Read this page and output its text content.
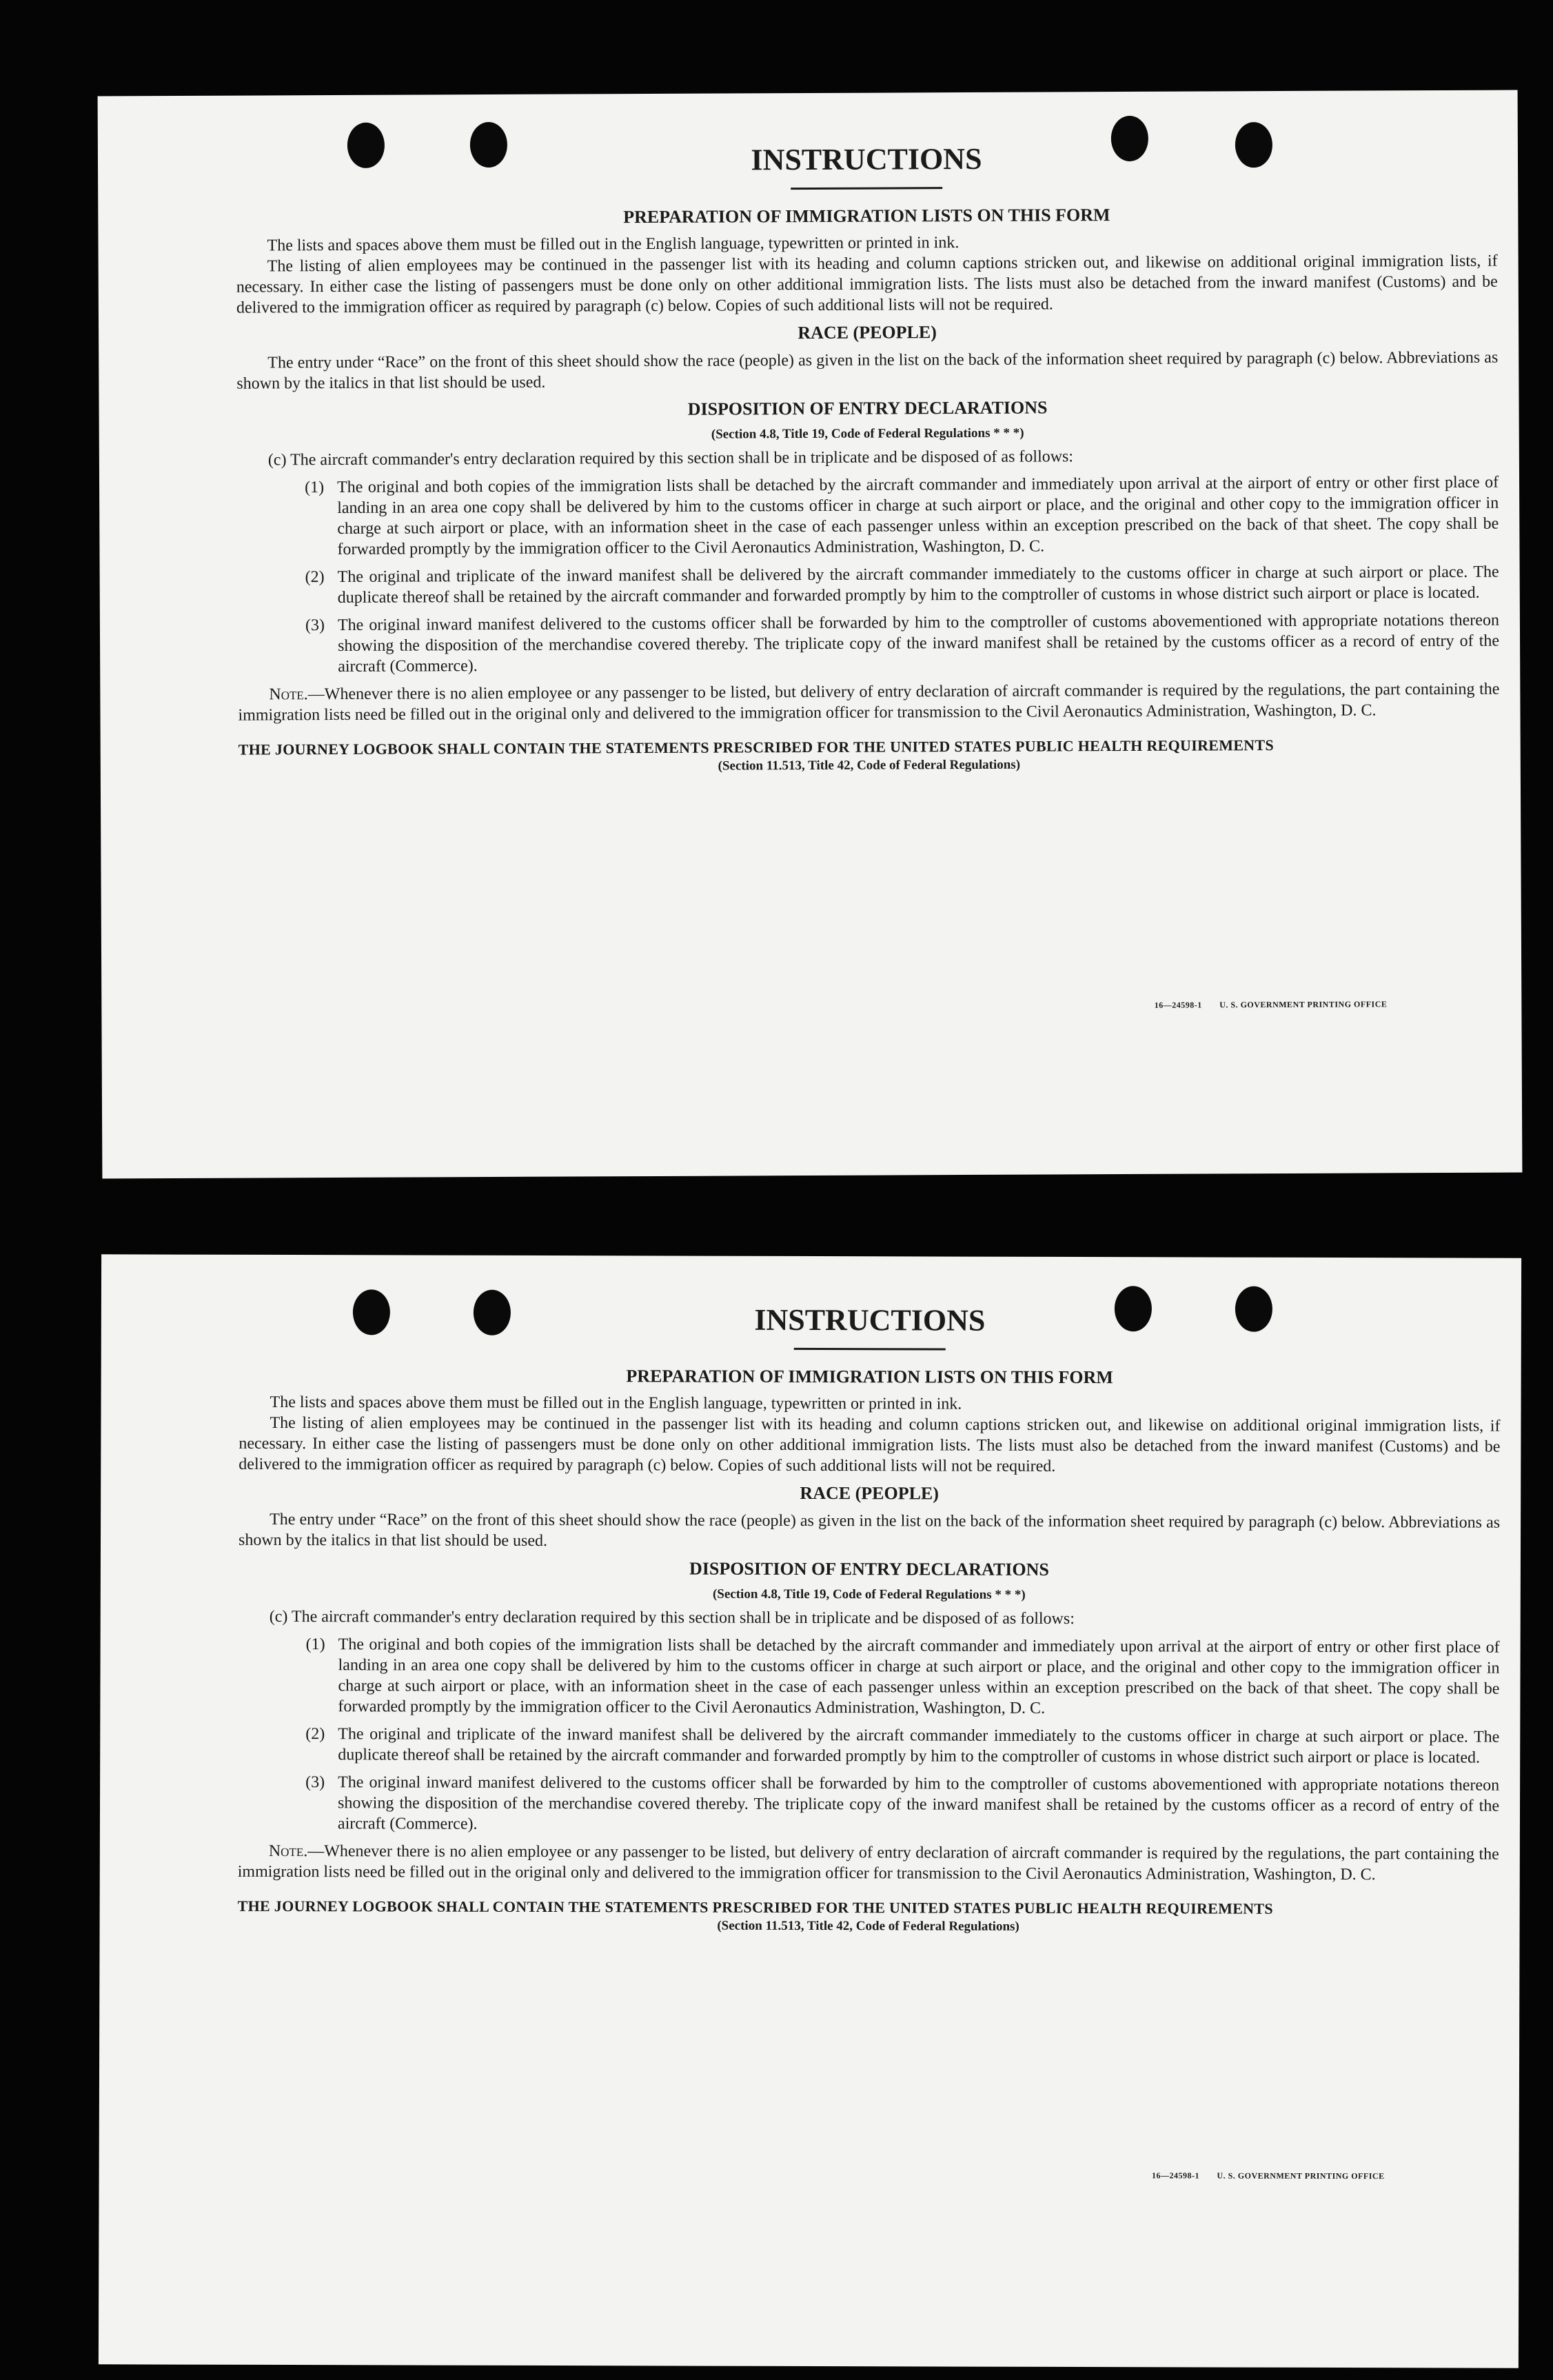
INSTRUCTIONS
PREPARATION OF IMMIGRATION LISTS ON THIS FORM

The lists and spaces above them must be filled out in the English language, typewritten or printed in ink.

The listing of alien employees may be continued in the passenger list with its heading and column captions stricken out, and likewise on additional original immigration lists, if necessary. In either case the listing of passengers must be done only on other additional immigration lists. The lists must also be detached from the inward manifest (Customs) and be delivered to the immigration officer as required by paragraph (c) below. Copies of such additional lists will not be required.

RACE (PEOPLE)

The entry under “Race” on the front of this sheet should show the race (people) as given in the list on the back of the information sheet required by paragraph (c) below. Abbreviations as shown by the italics in that list should be used.

DISPOSITION OF ENTRY DECLARATIONS
(Section 4.8, Title 19, Code of Federal Regulations * * *)

(c) The aircraft commander's entry declaration required by this section shall be in triplicate and be disposed of as follows:

(1) The original and both copies of the immigration lists shall be detached by the aircraft commander and immediately upon arrival at the airport of entry or other first place of landing in an area one copy shall be delivered by him to the customs officer in charge at such airport or place, and the original and other copy to the immigration officer in charge at such airport or place, with an information sheet in the case of each passenger unless within an exception prescribed on the back of that sheet. The copy shall be forwarded promptly by the immigration officer to the Civil Aeronautics Administration, Washington, D. C.
(2) The original and triplicate of the inward manifest shall be delivered by the aircraft commander immediately to the customs officer in charge at such airport or place. The duplicate thereof shall be retained by the aircraft commander and forwarded promptly by him to the comptroller of customs in whose district such airport or place is located.
(3) The original inward manifest delivered to the customs officer shall be forwarded by him to the comptroller of customs abovementioned with appropriate notations thereon showing the disposition of the merchandise covered thereby. The triplicate copy of the inward manifest shall be retained by the customs officer as a record of entry of the aircraft (Commerce).

Note.—Whenever there is no alien employee or any passenger to be listed, but delivery of entry declaration of aircraft commander is required by the regulations, the part containing the immigration lists need be filled out in the original only and delivered to the immigration officer for transmission to the Civil Aeronautics Administration, Washington, D. C.

THE JOURNEY LOGBOOK SHALL CONTAIN THE STATEMENTS PRESCRIBED FOR THE UNITED STATES PUBLIC HEALTH REQUIREMENTS
(Section 11.513, Title 42, Code of Federal Regulations)
16—24598-1 U. S. GOVERNMENT PRINTING OFFICE
INSTRUCTIONS
PREPARATION OF IMMIGRATION LISTS ON THIS FORM

The lists and spaces above them must be filled out in the English language, typewritten or printed in ink.

The listing of alien employees may be continued in the passenger list with its heading and column captions stricken out, and likewise on additional original immigration lists, if necessary. In either case the listing of passengers must be done only on other additional immigration lists. The lists must also be detached from the inward manifest (Customs) and be delivered to the immigration officer as required by paragraph (c) below. Copies of such additional lists will not be required.

RACE (PEOPLE)

The entry under “Race” on the front of this sheet should show the race (people) as given in the list on the back of the information sheet required by paragraph (c) below. Abbreviations as shown by the italics in that list should be used.

DISPOSITION OF ENTRY DECLARATIONS
(Section 4.8, Title 19, Code of Federal Regulations * * *)

(c) The aircraft commander's entry declaration required by this section shall be in triplicate and be disposed of as follows:

(1) The original and both copies of the immigration lists shall be detached by the aircraft commander and immediately upon arrival at the airport of entry or other first place of landing in an area one copy shall be delivered by him to the customs officer in charge at such airport or place, and the original and other copy to the immigration officer in charge at such airport or place, with an information sheet in the case of each passenger unless within an exception prescribed on the back of that sheet. The copy shall be forwarded promptly by the immigration officer to the Civil Aeronautics Administration, Washington, D. C.
(2) The original and triplicate of the inward manifest shall be delivered by the aircraft commander immediately to the customs officer in charge at such airport or place. The duplicate thereof shall be retained by the aircraft commander and forwarded promptly by him to the comptroller of customs in whose district such airport or place is located.
(3) The original inward manifest delivered to the customs officer shall be forwarded by him to the comptroller of customs abovementioned with appropriate notations thereon showing the disposition of the merchandise covered thereby. The triplicate copy of the inward manifest shall be retained by the customs officer as a record of entry of the aircraft (Commerce).

Note.—Whenever there is no alien employee or any passenger to be listed, but delivery of entry declaration of aircraft commander is required by the regulations, the part containing the immigration lists need be filled out in the original only and delivered to the immigration officer for transmission to the Civil Aeronautics Administration, Washington, D. C.

THE JOURNEY LOGBOOK SHALL CONTAIN THE STATEMENTS PRESCRIBED FOR THE UNITED STATES PUBLIC HEALTH REQUIREMENTS
(Section 11.513, Title 42, Code of Federal Regulations)
16—24598-1 U. S. GOVERNMENT PRINTING OFFICE
